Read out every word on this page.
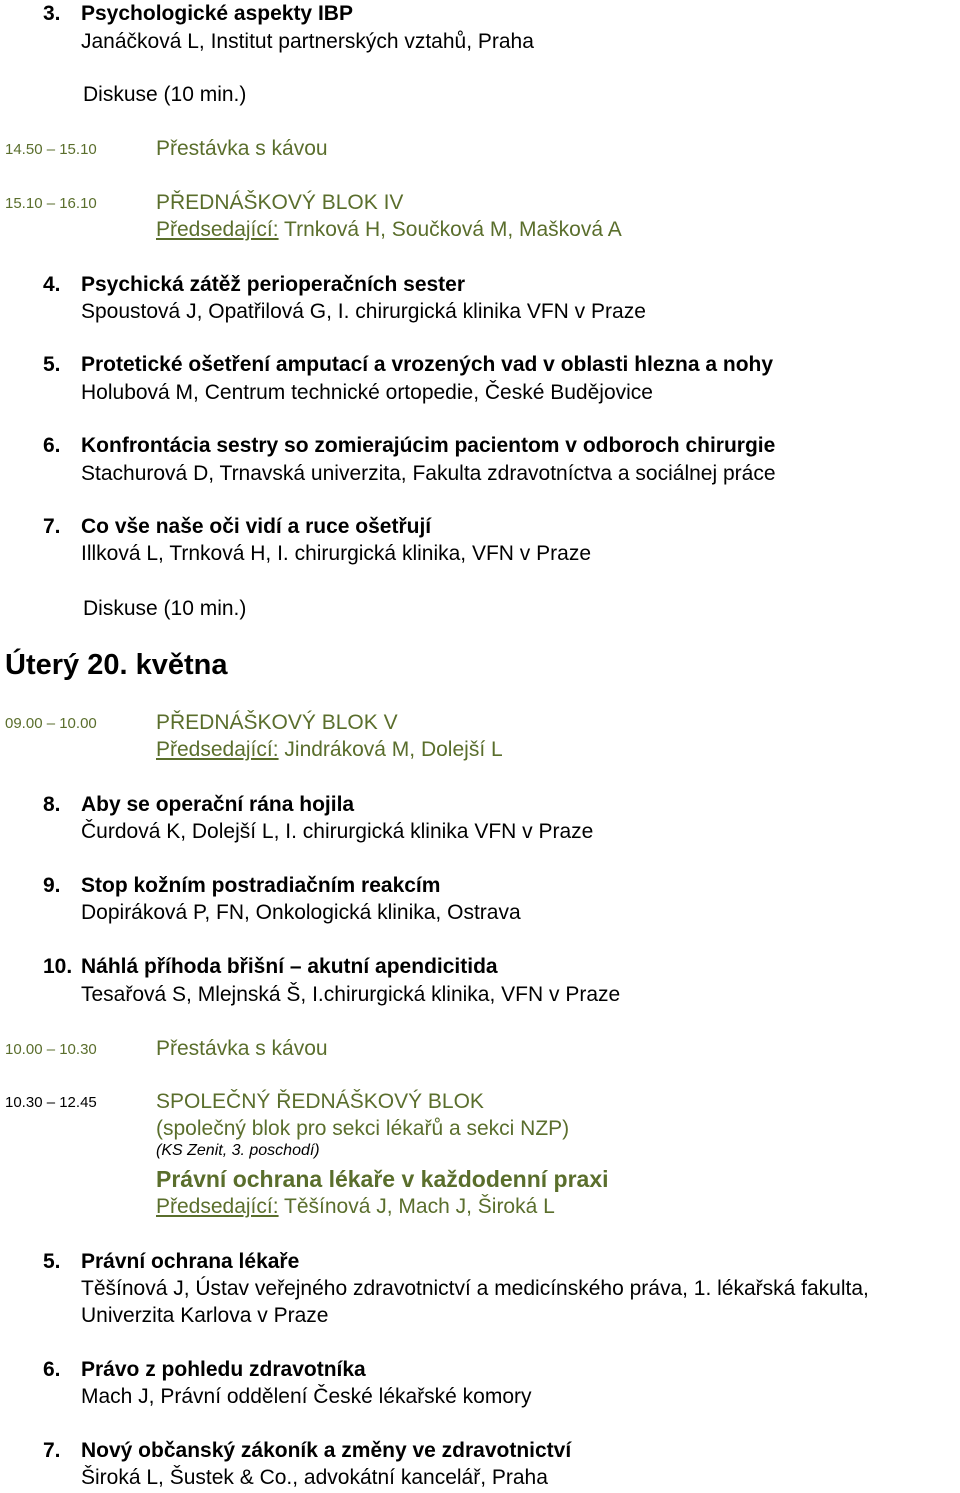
3. Psychologické aspekty IBP
Janáčková L, Institut partnerských vztahů, Praha
Diskuse (10 min.)
14.50 – 15.10	Přestávka s kávou
15.10 – 16.10	PŘEDNÁŠKOVÝ BLOK IV
Předsedající: Trnková H, Součková M, Mašková A
4. Psychická zátěž perioperačních sester
Spoustová J, Opatřilová G, I. chirurgická klinika VFN v Praze
5. Protetické ošetření amputací a vrozených vad v oblasti hlezna a nohy
Holubová M, Centrum technické ortopedie, České Budějovice
6. Konfrontácia sestry so zomierajúcim pacientom v odboroch chirurgie
Stachurová D, Trnavská univerzita, Fakulta zdravotníctva a sociálnej práce
7. Co vše naše oči vidí a ruce ošetřují
Illková L, Trnková H, I. chirurgická klinika, VFN v Praze
Diskuse (10 min.)
Úterý 20. května
09.00 – 10.00	PŘEDNÁŠKOVÝ BLOK V
Předsedající: Jindráková M, Dolejší L
8. Aby se operační rána hojila
Čurdová K, Dolejší L, I. chirurgická klinika VFN v Praze
9. Stop kožním postradiačním reakcím
Dopiráková P, FN, Onkologická klinika, Ostrava
10. Náhlá příhoda břišní – akutní apendicitida
Tesařová S, Mlejnská Š, I.chirurgická klinika, VFN v Praze
10.00 – 10.30	Přestávka s kávou
10.30 – 12.45	SPOLEČNÝ ŘEDNÁŠKOVÝ BLOK
(společný blok pro sekci lékařů a sekci NZP)
(KS Zenit, 3. poschodí)
Právní ochrana lékaře v každodenní praxi
Předsedající: Těšínová J, Mach J, Široká L
5. Právní ochrana lékaře
Těšínová J, Ústav veřejného zdravotnictví a medicínského práva, 1. lékařská fakulta,
Univerzita Karlova v Praze
6. Právo z pohledu zdravotníka
Mach J, Právní oddělení České lékařské komory
7. Nový občanský zákoník a změny ve zdravotnictví
Široká L, Šustek & Co., advokátní kancelář, Praha
